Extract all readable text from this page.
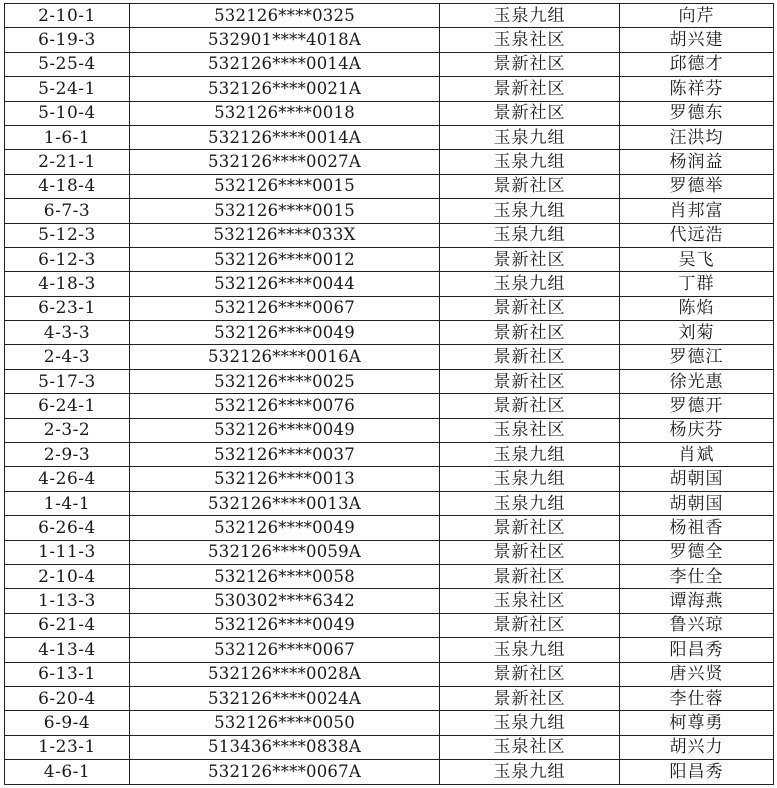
2-10-1	532126****0325	玉泉九组	向芹
6-19-3	532901****4018A	玉泉社区	胡兴建
5-25-4	532126****0014A	景新社区	邱德才
5-24-1	532126****0021A	景新社区	陈祥芬
5-10-4	532126****0018	景新社区	罗德东
1-6-1	532126****0014A	玉泉九组	汪洪均
2-21-1	532126****0027A	玉泉九组	杨润益
4-18-4	532126****0015	景新社区	罗德举
6-7-3	532126****0015	玉泉九组	肖邦富
5-12-3	532126****033X	玉泉九组	代远浩
6-12-3	532126****0012	景新社区	吴飞
4-18-3	532126****0044	玉泉九组	丁群
6-23-1	532126****0067	景新社区	陈焰
4-3-3	532126****0049	景新社区	刘菊
2-4-3	532126****0016A	景新社区	罗德江
5-17-3	532126****0025	景新社区	徐光惠
6-24-1	532126****0076	景新社区	罗德开
2-3-2	532126****0049	玉泉社区	杨庆芬
2-9-3	532126****0037	玉泉九组	肖斌
4-26-4	532126****0013	玉泉九组	胡朝国
1-4-1	532126****0013A	玉泉九组	胡朝国
6-26-4	532126****0049	景新社区	杨祖香
1-11-3	532126****0059A	景新社区	罗德全
2-10-4	532126****0058	景新社区	李仕全
1-13-3	530302****6342	玉泉社区	谭海燕
6-21-4	532126****0049	景新社区	鲁兴琼
4-13-4	532126****0067	玉泉九组	阳昌秀
6-13-1	532126****0028A	景新社区	唐兴贤
6-20-4	532126****0024A	景新社区	李仕蓉
6-9-4	532126****0050	玉泉九组	柯尊勇
1-23-1	513436****0838A	玉泉社区	胡兴力
4-6-1	532126****0067A	玉泉九组	阳昌秀
